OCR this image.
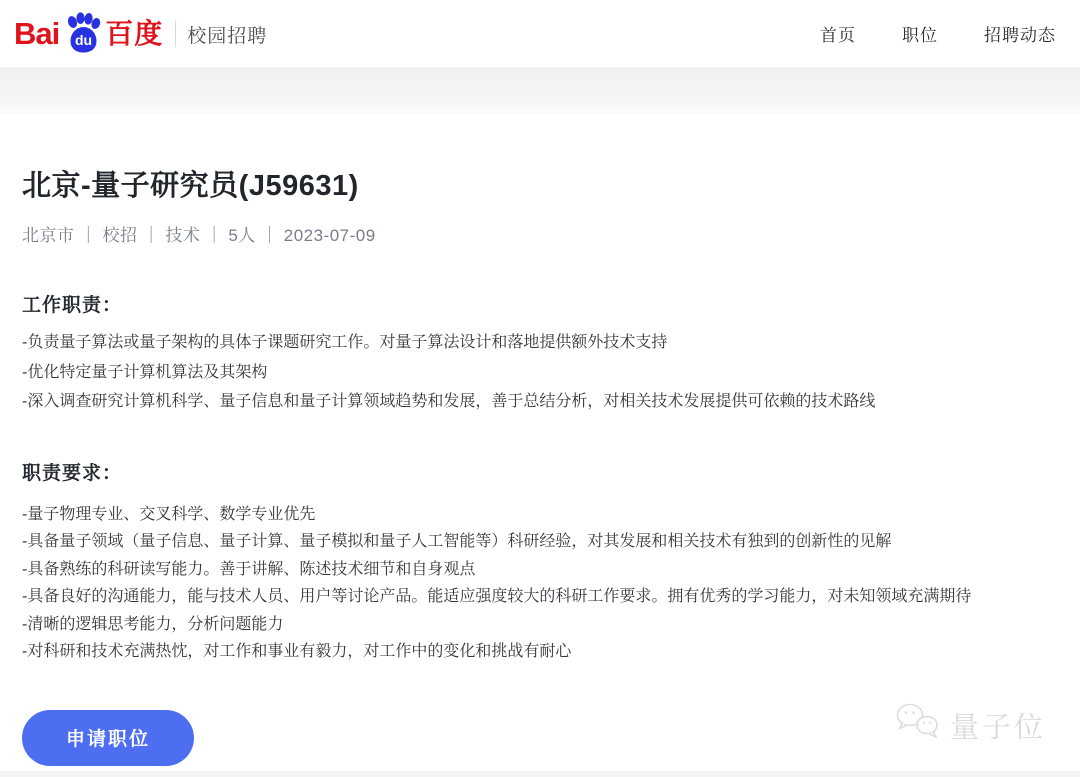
Bai du 百度 校园招聘	首页	职位	招聘动态
北京-量子研究员(J59631)
北京市 ｜ 校招 ｜ 技术 ｜ 5人 ｜ 2023-07-09
工作职责：
-负责量子算法或量子架构的具体子课题研究工作。对量子算法设计和落地提供额外技术支持
-优化特定量子计算机算法及其架构
-深入调查研究计算机科学、量子信息和量子计算领域趋势和发展，善于总结分析，对相关技术发展提供可依赖的技术路线
职责要求：
-量子物理专业、交叉科学、数学专业优先
-具备量子领域（量子信息、量子计算、量子模拟和量子人工智能等）科研经验，对其发展和相关技术有独到的创新性的见解
-具备熟练的科研读写能力。善于讲解、陈述技术细节和自身观点
-具备良好的沟通能力，能与技术人员、用户等讨论产品。能适应强度较大的科研工作要求。拥有优秀的学习能力，对未知领域充满期待
-清晰的逻辑思考能力，分析问题能力
-对科研和技术充满热忱，对工作和事业有毅力，对工作中的变化和挑战有耐心
申请职位	量子位
